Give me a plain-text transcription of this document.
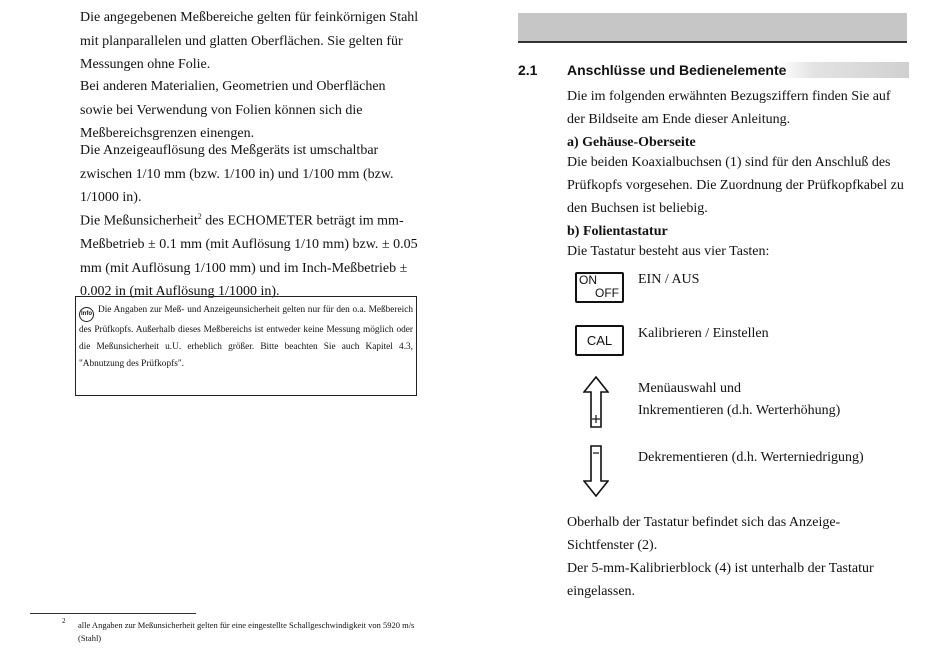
Die angegebenen Meßbereiche gelten für feinkörnigen Stahl mit planparallelen und glatten Oberflächen. Sie gelten für Messungen ohne Folie.

Bei anderen Materialien, Geometrien und Oberflächen sowie bei Verwendung von Folien können sich die Meßbereichsgrenzen einengen.

Die Anzeigeauflösung des Meßgeräts ist umschaltbar zwischen 1/10 mm (bzw. 1/100 in) und 1/100 mm (bzw. 1/1000 in).

Die Meßunsicherheit$^2$ des ECHOMETER beträgt im mm-Meßbetrieb ± 0.1 mm (mit Auflösung 1/10 mm) bzw. ± 0.05 mm (mit Auflösung 1/100 mm) und im Inch-Meßbetrieb ± 0.002 in (mit Auflösung 1/1000 in).

Info Die Angaben zur Meß- und Anzeigeunsicherheit gelten nur für den o.a. Meßbereich des Prüfkopfs. Außerhalb dieses Meßbereichs ist entweder keine Messung möglich oder die Meßunsicherheit u.U. erheblich größer. Bitte beachten Sie auch Kapitel 4.3, "Abnutzung des Prüfkopfs".
2 alle Angaben zur Meßunsicherheit gelten für eine eingestellte Schallgeschwindigkeit von 5920 m/s (Stahl)
2.1 Anschlüsse und Bedienelemente

Die im folgenden erwähnten Bezugsziffern finden Sie auf der Bildseite am Ende dieser Anleitung.

a) Gehäuse-Oberseite

Die beiden Koaxialbuchsen (1) sind für den Anschluß des Prüfkopfs vorgesehen. Die Zuordnung der Prüfkopfkabel zu den Buchsen ist beliebig.

b) Folientastatur

Die Tastatur besteht aus vier Tasten:

ON
OFF
EIN / AUS
CAL	Kalibrieren / Einstellen
Menüauswahl und
Inkrementieren (d.h. Werterhöhung)
Dekrementieren (d.h. Werterniedrigung)

Oberhalb der Tastatur befindet sich das Anzeige-Sichtfenster (2).

Der 5-mm-Kalibrierblock (4) ist unterhalb der Tastatur eingelassen.
